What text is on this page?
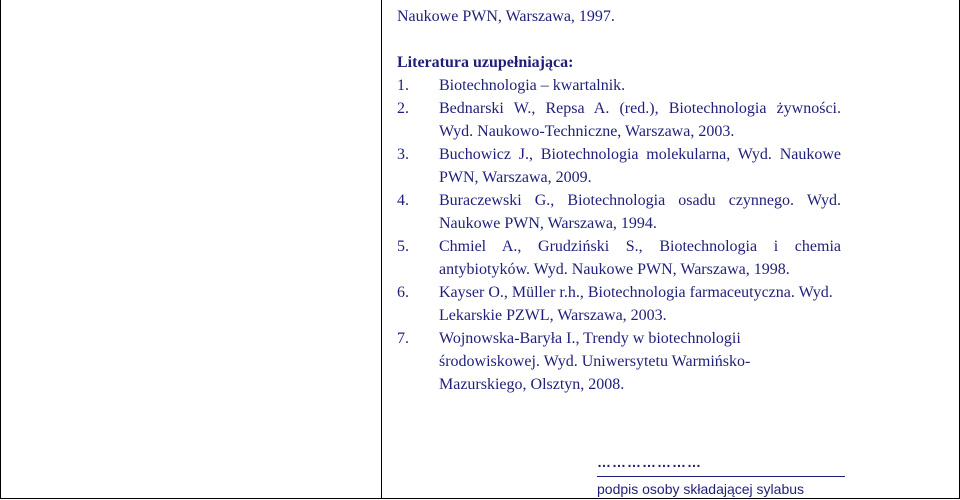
Naukowe PWN, Warszawa, 1997.
Literatura uzupełniająca:
1. Biotechnologia – kwartalnik.
2. Bednarski W., Repsa A. (red.), Biotechnologia żywności.
Wyd. Naukowo-Techniczne, Warszawa, 2003.
3. Buchowicz J., Biotechnologia molekularna, Wyd. Naukowe
PWN, Warszawa, 2009.
4. Buraczewski G., Biotechnologia osadu czynnego. Wyd.
Naukowe PWN, Warszawa, 1994.
5. Chmiel A., Grudziński S., Biotechnologia i chemia
antybiotyków. Wyd. Naukowe PWN, Warszawa, 1998.
6. Kayser O., Müller r.h., Biotechnologia farmaceutyczna. Wyd.
Lekarskie PZWL, Warszawa, 2003.
7. Wojnowska-Baryła I., Trendy w biotechnologii
środowiskowej. Wyd. Uniwersytetu Warmińsko-
Mazurskiego, Olsztyn, 2008.
…………………
podpis osoby składającej sylabus
